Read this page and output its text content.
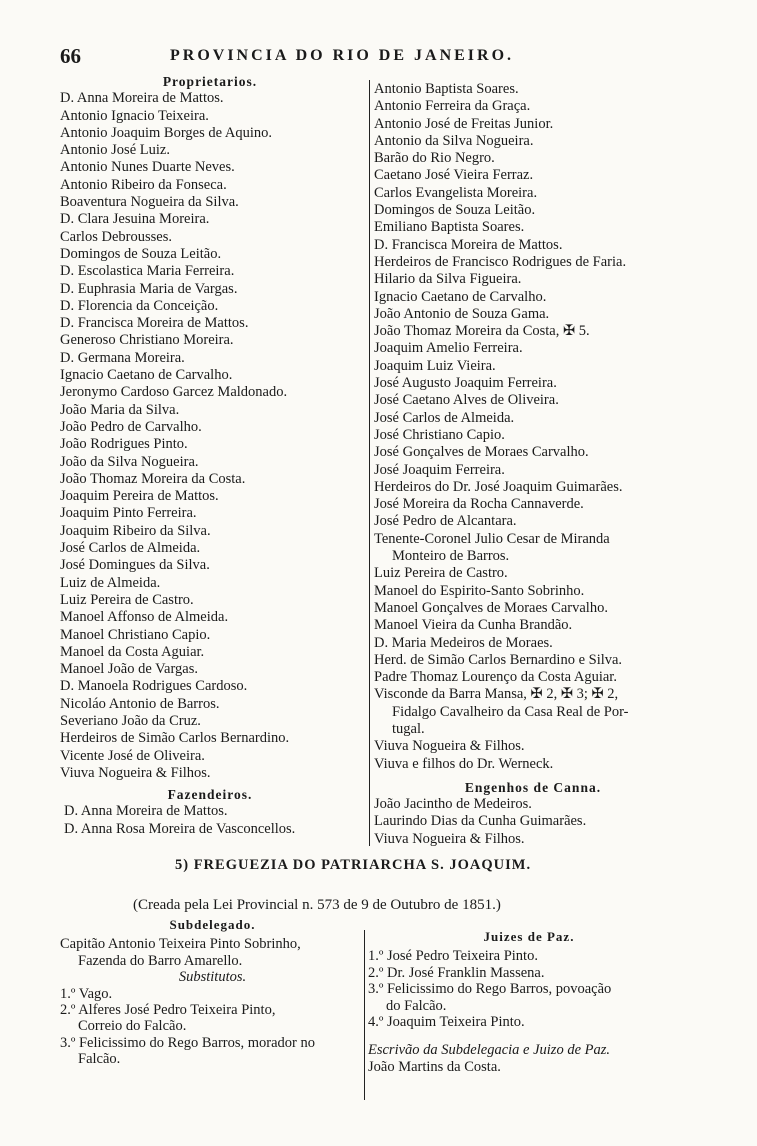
66	PROVINCIA DO RIO DE JANEIRO.
Proprietarios.
D. Anna Moreira de Mattos.
Antonio Ignacio Teixeira.
Antonio Joaquim Borges de Aquino.
Antonio José Luiz.
Antonio Nunes Duarte Neves.
Antonio Ribeiro da Fonseca.
Boaventura Nogueira da Silva.
D. Clara Jesuina Moreira.
Carlos Debrousses.
Domingos de Souza Leitão.
D. Escolastica Maria Ferreira.
D. Euphrasia Maria de Vargas.
D. Florencia da Conceição.
D. Francisca Moreira de Mattos.
Generoso Christiano Moreira.
D. Germana Moreira.
Ignacio Caetano de Carvalho.
Jeronymo Cardoso Garcez Maldonado.
João Maria da Silva.
João Pedro de Carvalho.
João Rodrigues Pinto.
João da Silva Nogueira.
João Thomaz Moreira da Costa.
Joaquim Pereira de Mattos.
Joaquim Pinto Ferreira.
Joaquim Ribeiro da Silva.
José Carlos de Almeida.
José Domingues da Silva.
Luiz de Almeida.
Luiz Pereira de Castro.
Manoel Affonso de Almeida.
Manoel Christiano Capio.
Manoel da Costa Aguiar.
Manoel João de Vargas.
D. Manoela Rodrigues Cardoso.
Nicoláo Antonio de Barros.
Severiano João da Cruz.
Herdeiros de Simão Carlos Bernardino.
Vicente José de Oliveira.
Viuva Nogueira & Filhos.
Fazendeiros.
D. Anna Moreira de Mattos.
D. Anna Rosa Moreira de Vasconcellos.
Antonio Baptista Soares.
Antonio Ferreira da Graça.
Antonio José de Freitas Junior.
Antonio da Silva Nogueira.
Barão do Rio Negro.
Caetano José Vieira Ferraz.
Carlos Evangelista Moreira.
Domingos de Souza Leitão.
Emiliano Baptista Soares.
D. Francisca Moreira de Mattos.
Herdeiros de Francisco Rodrigues de Faria.
Hilario da Silva Figueira.
Ignacio Caetano de Carvalho.
João Antonio de Souza Gama.
João Thomaz Moreira da Costa, ✠ 5.
Joaquim Amelio Ferreira.
Joaquim Luiz Vieira.
José Augusto Joaquim Ferreira.
José Caetano Alves de Oliveira.
José Carlos de Almeida.
José Christiano Capio.
José Gonçalves de Moraes Carvalho.
José Joaquim Ferreira.
Herdeiros do Dr. José Joaquim Guimarães.
José Moreira da Rocha Cannaverde.
José Pedro de Alcantara.
Tenente-Coronel Julio Cesar de Miranda
Monteiro de Barros.
Luiz Pereira de Castro.
Manoel do Espirito-Santo Sobrinho.
Manoel Gonçalves de Moraes Carvalho.
Manoel Vieira da Cunha Brandão.
D. Maria Medeiros de Moraes.
Herd. de Simão Carlos Bernardino e Silva.
Padre Thomaz Lourenço da Costa Aguiar.
Visconde da Barra Mansa, ✠ 2, ✠ 3; ✠ 2,
Fidalgo Cavalheiro da Casa Real de Por-
tugal.
Viuva Nogueira & Filhos.
Viuva e filhos do Dr. Werneck.
Engenhos de Canna.
João Jacintho de Medeiros.
Laurindo Dias da Cunha Guimarães.
Viuva Nogueira & Filhos.
5) FREGUEZIA DO PATRIARCHA S. JOAQUIM.
(Creada pela Lei Provincial n. 573 de 9 de Outubro de 1851.)
Subdelegado.
Capitão Antonio Teixeira Pinto Sobrinho,
Fazenda do Barro Amarello.
Substitutos.
1.º Vago.
2.º Alferes José Pedro Teixeira Pinto,
Correio do Falcão.
3.º Felicissimo do Rego Barros, morador no
Falcão.
Juizes de Paz.
1.º José Pedro Teixeira Pinto.
2.º Dr. José Franklin Massena.
3.º Felicissimo do Rego Barros, povoação
do Falcão.
4.º Joaquim Teixeira Pinto.
Escrivão da Subdelegacia e Juizo de Paz.
João Martins da Costa.
